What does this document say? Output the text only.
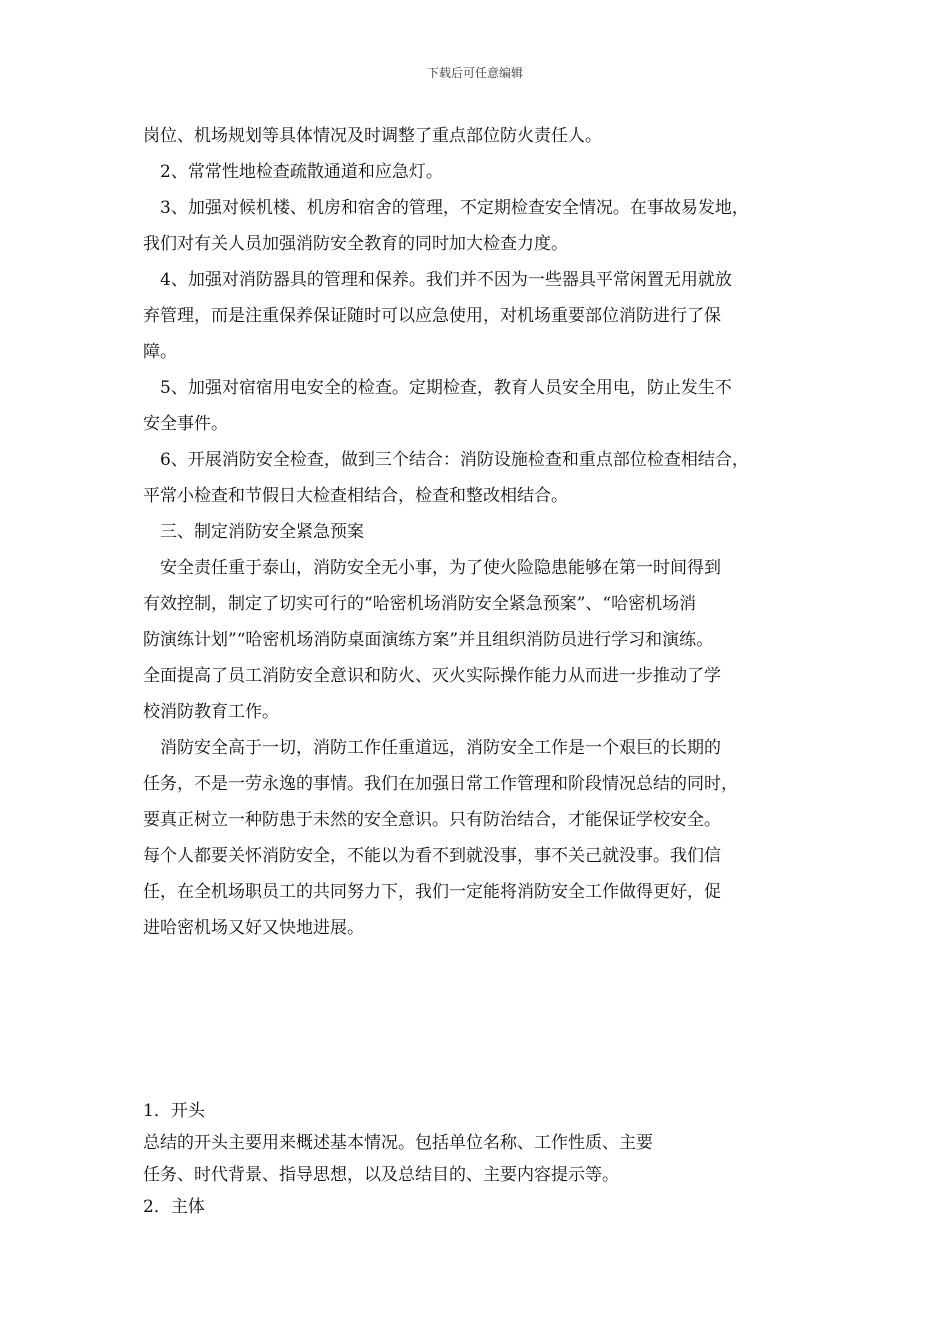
下载后可任意编辑

岗位、机场规划等具体情况及时调整了重点部位防火责任人。

2、常常性地检查疏散通道和应急灯。

3、加强对候机楼、机房和宿舍的管理，不定期检查安全情况。在事故易发地，

我们对有关人员加强消防安全教育的同时加大检查力度。

4、加强对消防器具的管理和保养。我们并不因为一些器具平常闲置无用就放

弃管理，而是注重保养保证随时可以应急使用，对机场重要部位消防进行了保

障。

5、加强对宿宿用电安全的检查。定期检查，教育人员安全用电，防止发生不

安全事件。

6、开展消防安全检查，做到三个结合：消防设施检查和重点部位检查相结合，

平常小检查和节假日大检查相结合，检查和整改相结合。

三、制定消防安全紧急预案

安全责任重于泰山，消防安全无小事，为了使火险隐患能够在第一时间得到

有效控制，制定了切实可行的“哈密机场消防安全紧急预案”、“哈密机场消

防演练计划”“哈密机场消防桌面演练方案”并且组织消防员进行学习和演练。

全面提高了员工消防安全意识和防火、灭火实际操作能力从而进一步推动了学

校消防教育工作。

消防安全高于一切，消防工作任重道远，消防安全工作是一个艰巨的长期的

任务，不是一劳永逸的事情。我们在加强日常工作管理和阶段情况总结的同时，

要真正树立一种防患于未然的安全意识。只有防治结合，才能保证学校安全。

每个人都要关怀消防安全，不能以为看不到就没事，事不关己就没事。我们信

任，在全机场职员工的共同努力下，我们一定能将消防安全工作做得更好，促

进哈密机场又好又快地进展。

1．开头

总结的开头主要用来概述基本情况。包括单位名称、工作性质、主要

任务、时代背景、指导思想，以及总结目的、主要内容提示等。

2．主体
